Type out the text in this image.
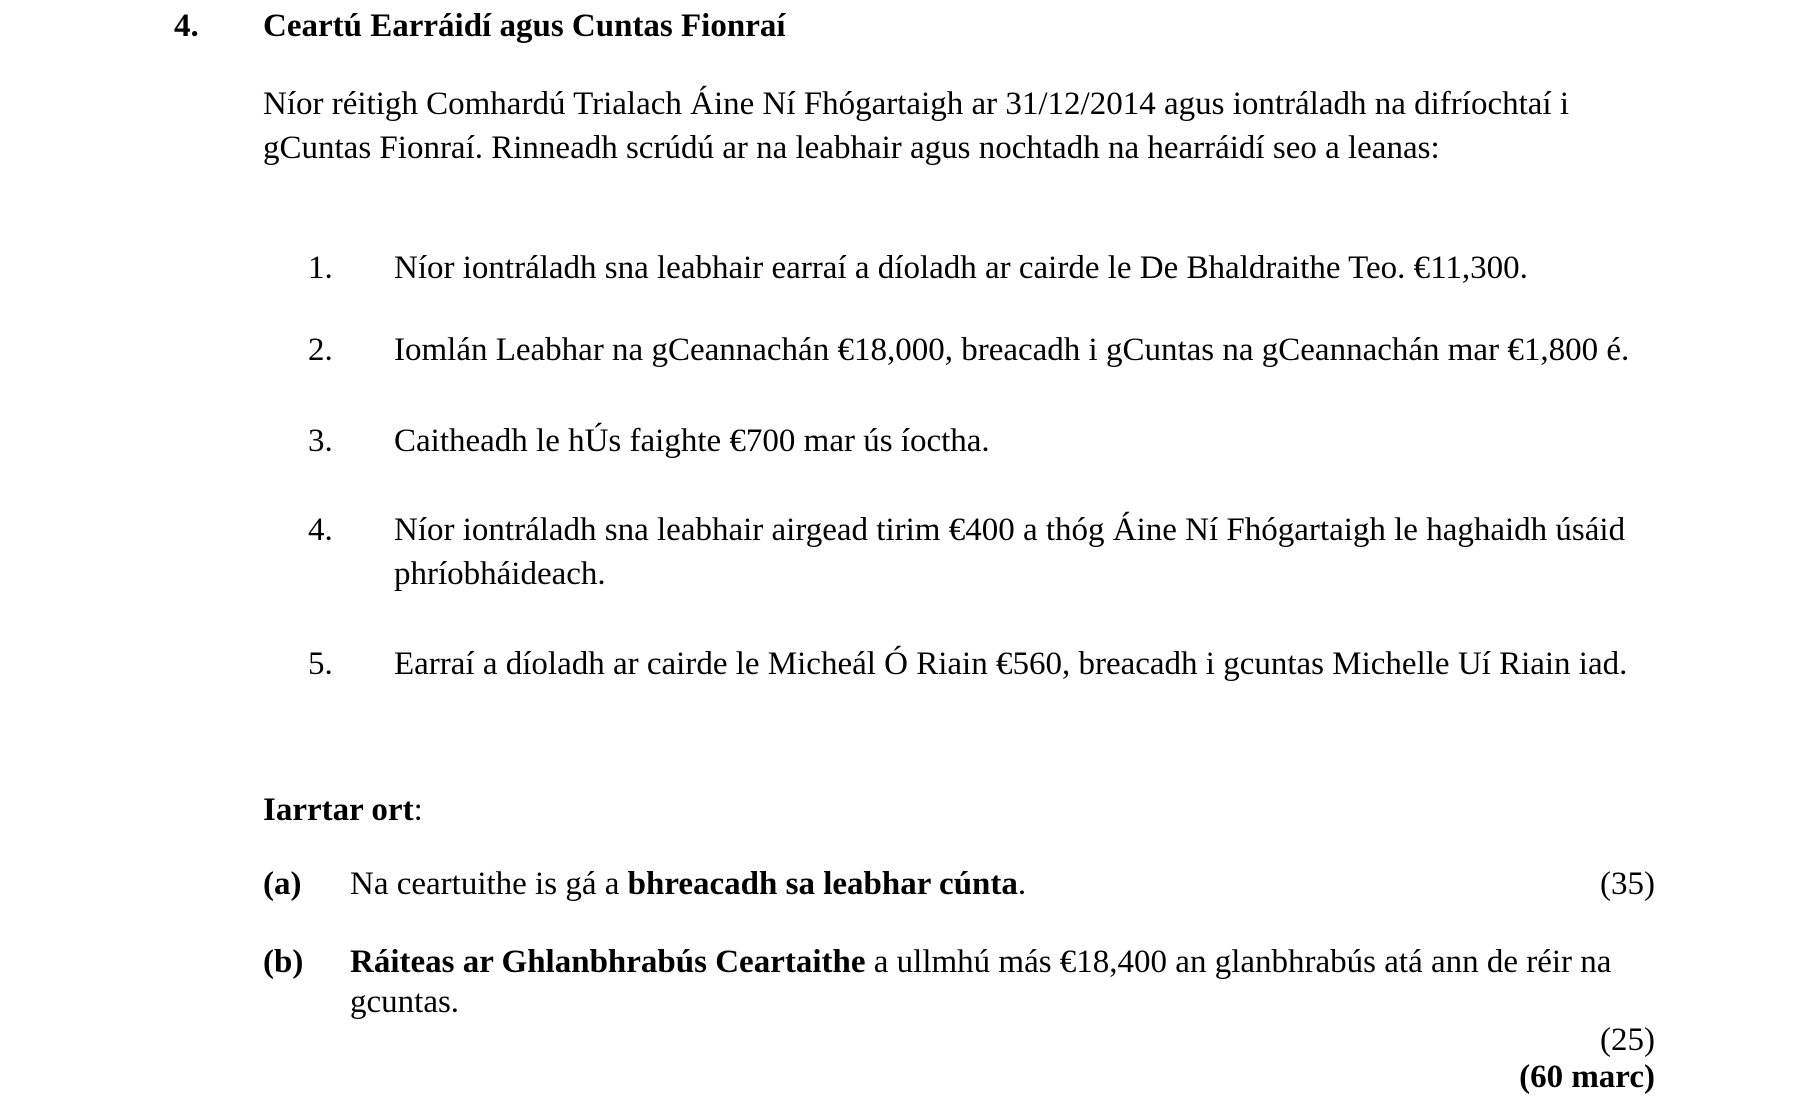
4. Ceartú Earráidí agus Cuntas Fionraí
Níor réitigh Comhardú Trialach Áine Ní Fhógartaigh ar 31/12/2014 agus iontráladh na difríochtaí i
gCuntas Fionraí. Rinneadh scrúdú ar na leabhair agus nochtadh na hearráidí seo a leanas:
1. Níor iontráladh sna leabhair earraí a díoladh ar cairde le De Bhaldraithe Teo. €11,300.
2. Iomlán Leabhar na gCeannachán €18,000, breacadh i gCuntas na gCeannachán mar €1,800 é.
3. Caitheadh le hÚs faighte €700 mar ús íoctha.
4. Níor iontráladh sna leabhair airgead tirim €400 a thóg Áine Ní Fhógartaigh le haghaidh úsáid
phríobháideach.
5. Earraí a díoladh ar cairde le Micheál Ó Riain €560, breacadh i gcuntas Michelle Uí Riain iad.
Iarrtar ort:
(a) Na ceartuithe is gá a bhreacadh sa leabhar cúnta.	(35)
(b) Ráiteas ar Ghlanbhrabús Ceartaithe a ullmhú más €18,400 an glanbhrabús atá ann de réir na
gcuntas.
(25)
(60 marc)
